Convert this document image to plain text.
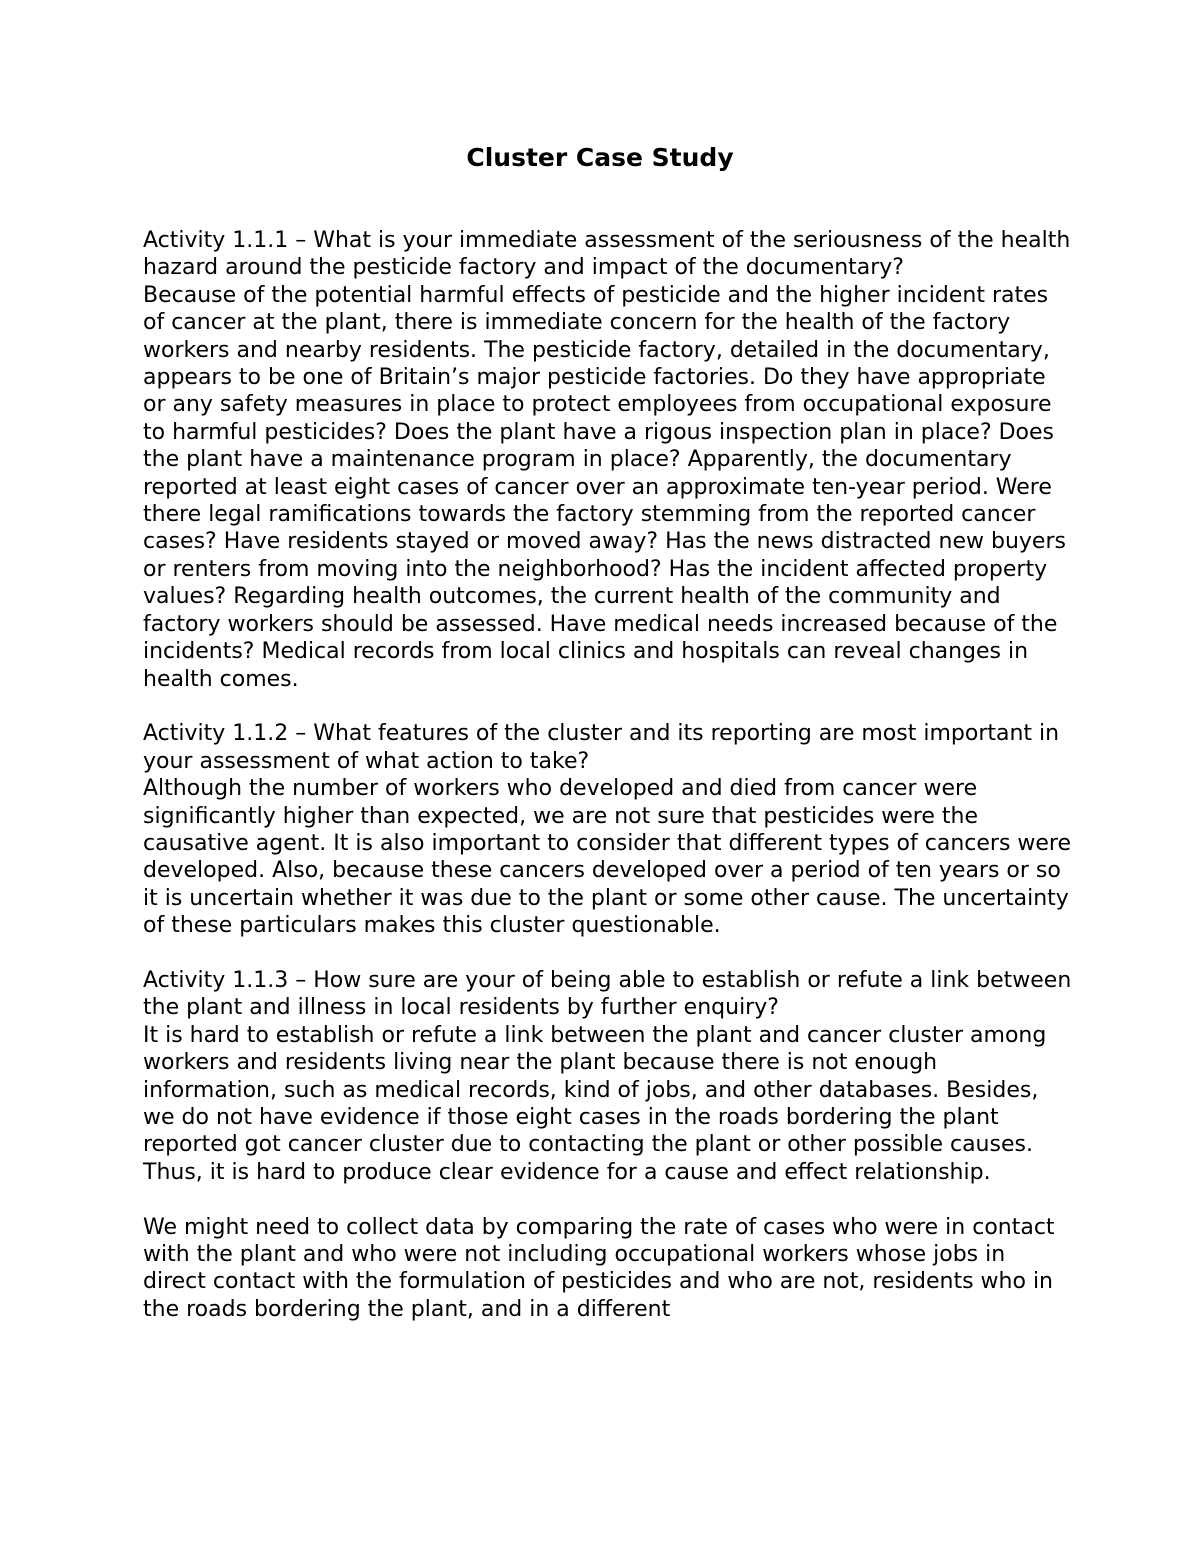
Cluster Case Study

Activity 1.1.1 – What is your immediate assessment of the seriousness of the health hazard around the pesticide factory and impact of the documentary?

Because of the potential harmful effects of pesticide and the higher incident rates of cancer at the plant, there is immediate concern for the health of the factory workers and nearby residents. The pesticide factory, detailed in the documentary, appears to be one of Britain’s major pesticide factories. Do they have appropriate or any safety measures in place to protect employees from occupational exposure to harmful pesticides? Does the plant have a rigous inspection plan in place? Does the plant have a maintenance program in place? Apparently, the documentary reported at least eight cases of cancer over an approximate ten-year period. Were there legal ramifications towards the factory stemming from the reported cancer cases? Have residents stayed or moved away? Has the news distracted new buyers or renters from moving into the neighborhood? Has the incident affected property values? Regarding health outcomes, the current health of the community and factory workers should be assessed. Have medical needs increased because of the incidents? Medical records from local clinics and hospitals can reveal changes in health comes.

Activity 1.1.2 – What features of the cluster and its reporting are most important in your assessment of what action to take?

Although the number of workers who developed and died from cancer were significantly higher than expected, we are not sure that pesticides were the causative agent. It is also important to consider that different types of cancers were developed. Also, because these cancers developed over a period of ten years or so it is uncertain whether it was due to the plant or some other cause. The uncertainty of these particulars makes this cluster questionable.

Activity 1.1.3 – How sure are your of being able to establish or refute a link between the plant and illness in local residents by further enquiry?

It is hard to establish or refute a link between the plant and cancer cluster among workers and residents living near the plant because there is not enough information, such as medical records, kind of jobs, and other databases. Besides, we do not have evidence if those eight cases in the roads bordering the plant reported got cancer cluster due to contacting the plant or other possible causes. Thus, it is hard to produce clear evidence for a cause and effect relationship.

We might need to collect data by comparing the rate of cases who were in contact with the plant and who were not including occupational workers whose jobs in direct contact with the formulation of pesticides and who are not, residents who in the roads bordering the plant, and in a different
